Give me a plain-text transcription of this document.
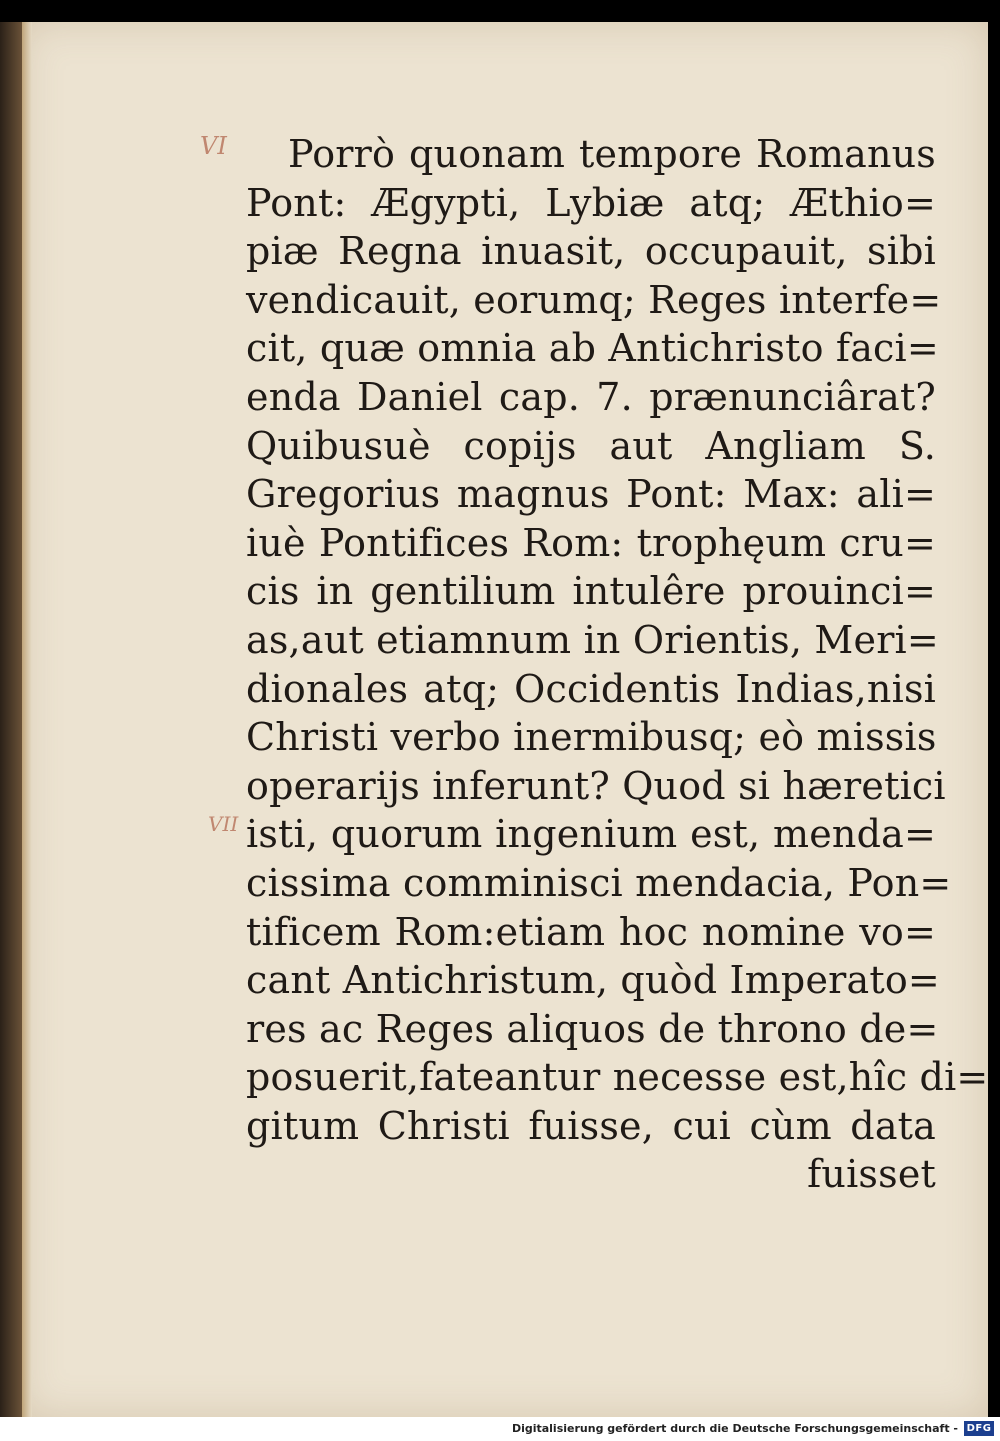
VI
VII
Porrò quonam tempore Romanus
Pont: Ægypti, Lybiæ atq; Æthio=
piæ Regna inuasit, occupauit, sibi
vendicauit, eorumq; Reges interfe=
cit, quæ omnia ab Antichristo faci=
enda Daniel cap. 7. prænunciârat?
Quibusuè copijs aut Angliam S.
Gregorius magnus Pont: Max: ali=
iuè Pontifices Rom: trophęum cru=
cis in gentilium intulêre prouinci=
as,aut etiamnum in Orientis, Meri=
dionales atq; Occidentis Indias,nisi
Christi verbo inermibusq; eò missis
operarijs inferunt? Quod si hæretici
isti, quorum ingenium est, menda=
cissima comminisci mendacia, Pon=
tificem Rom:etiam hoc nomine vo=
cant Antichristum, quòd Imperato=
res ac Reges aliquos de throno de=
posuerit,fateantur necesse est,hîc di=
gitum Christi fuisse, cui cùm data
fuisset
Digitalisierung gefördert durch die Deutsche Forschungsgemeinschaft - DFG
